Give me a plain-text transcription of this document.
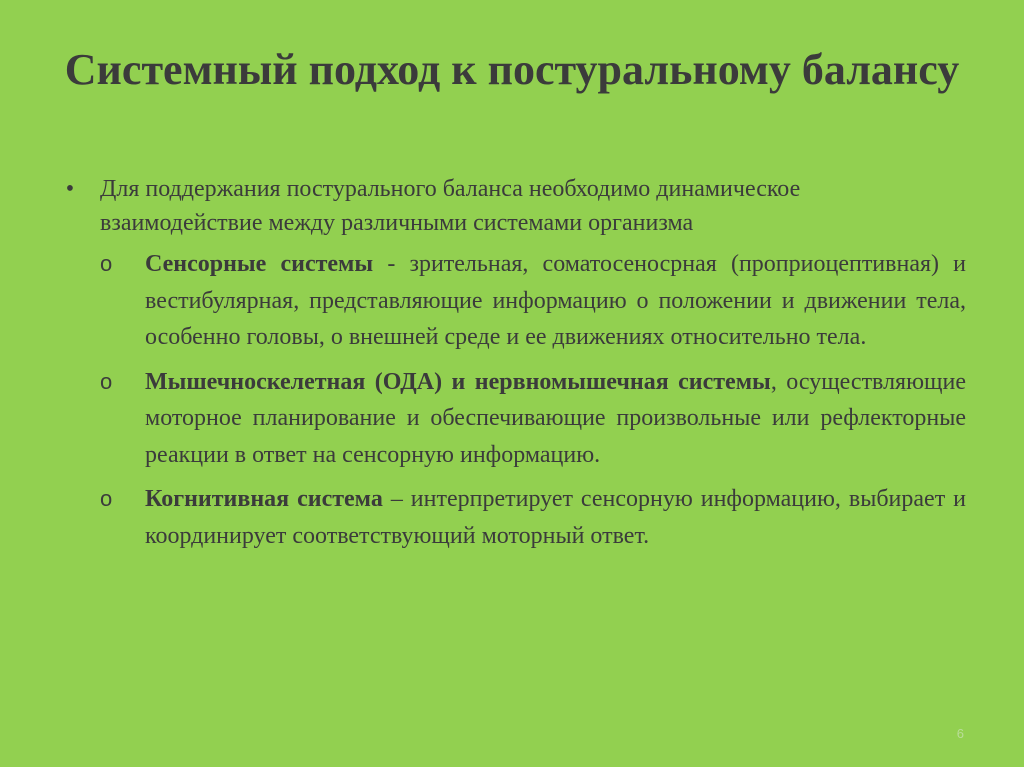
Системный подход к постуральному балансу
• Для поддержания постурального баланса необходимо динамическое взаимодействие между различными системами организма
o Сенсорные системы - зрительная, соматосеносрная (проприоцептивная) и вестибулярная, представляющие информацию о положении и движении тела, особенно головы, о внешней среде и ее движениях относительно тела.
o Мышечноскелетная (ОДА) и нервномышечная системы, осуществляющие моторное планирование и обеспечивающие произвольные или рефлекторные реакции в ответ на сенсорную информацию.
o Когнитивная система – интерпретирует сенсорную информацию, выбирает и координирует соответствующий моторный ответ.
6
